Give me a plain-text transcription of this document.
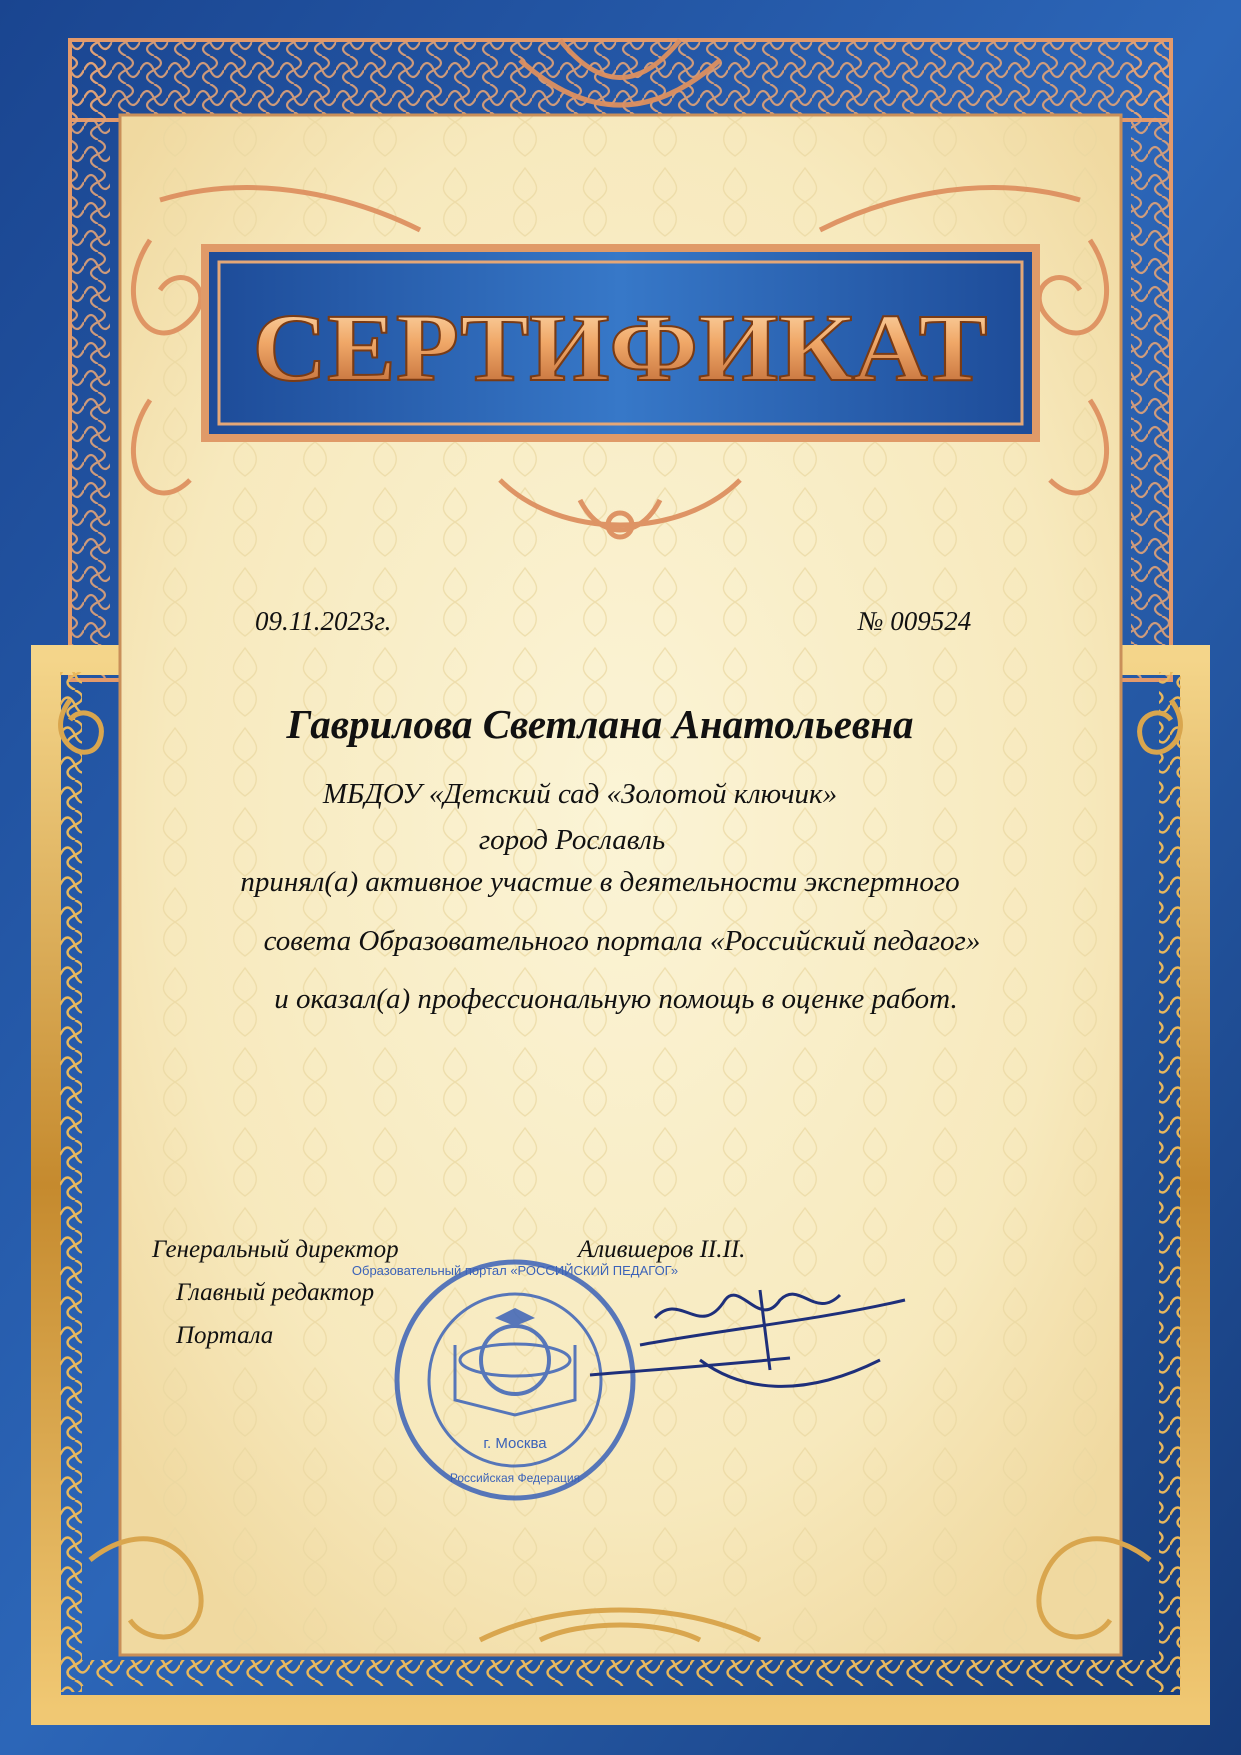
СЕРТИФИКАТ
Образовательный портал «РОССИЙСКИЙ ПЕДАГОГ»
г. Москва
Российская Федерация
09.11.2023г.	№ 009524
Гаврилова Светлана Анатольевна
МБДОУ «Детский сад «Золотой ключик»
город Рославль
принял(а) активное участие в деятельности экспертного
совета Образовательного портала «Российский педагог»
и оказал(а) профессиональную помощь в оценке работ.
Генеральный директор
Главный редактор
Портала
Алившеров II.II.
